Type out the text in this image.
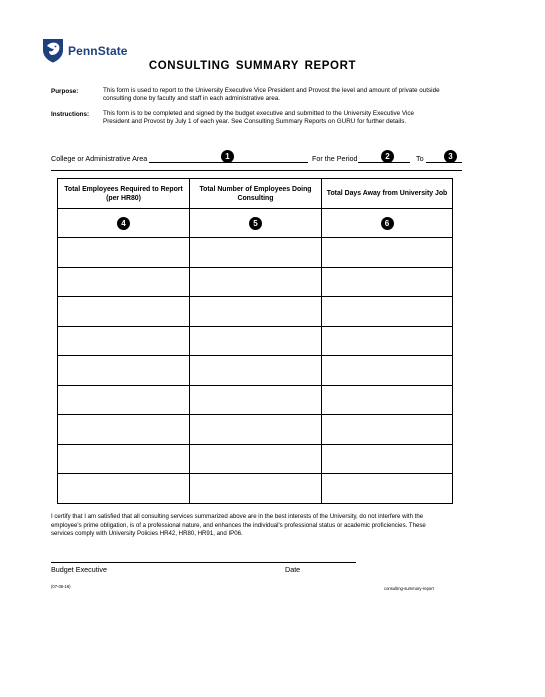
PennState
CONSULTING SUMMARY REPORT
Purpose:	This form is used to report to the University Executive Vice President and Provost the level and amount of private outside
consulting done by faculty and staff in each administrative area.
Instructions: This form is to be completed and signed by the budget executive and submitted to the University Executive Vice
President and Provost by July 1 of each year. See Consulting Summary Reports on GURU for further details.
College or Administrative Area	1	For the Period	2	To	3
Total Employees Required to Report (per HR80)	Total Number of Employees Doing Consulting	Total Days Away from University Job

4	5	6

I certify that I am satisfied that all consulting services summarized above are in the best interests of the University, do not interfere with the
employee's prime obligation, is of a professional nature, and enhances the individual's professional status or academic proficiencies. These
services comply with University Policies HR42, HR80, HR91, and IP06.
Budget Executive	Date
(07-06-16)	consulting-summary-report
